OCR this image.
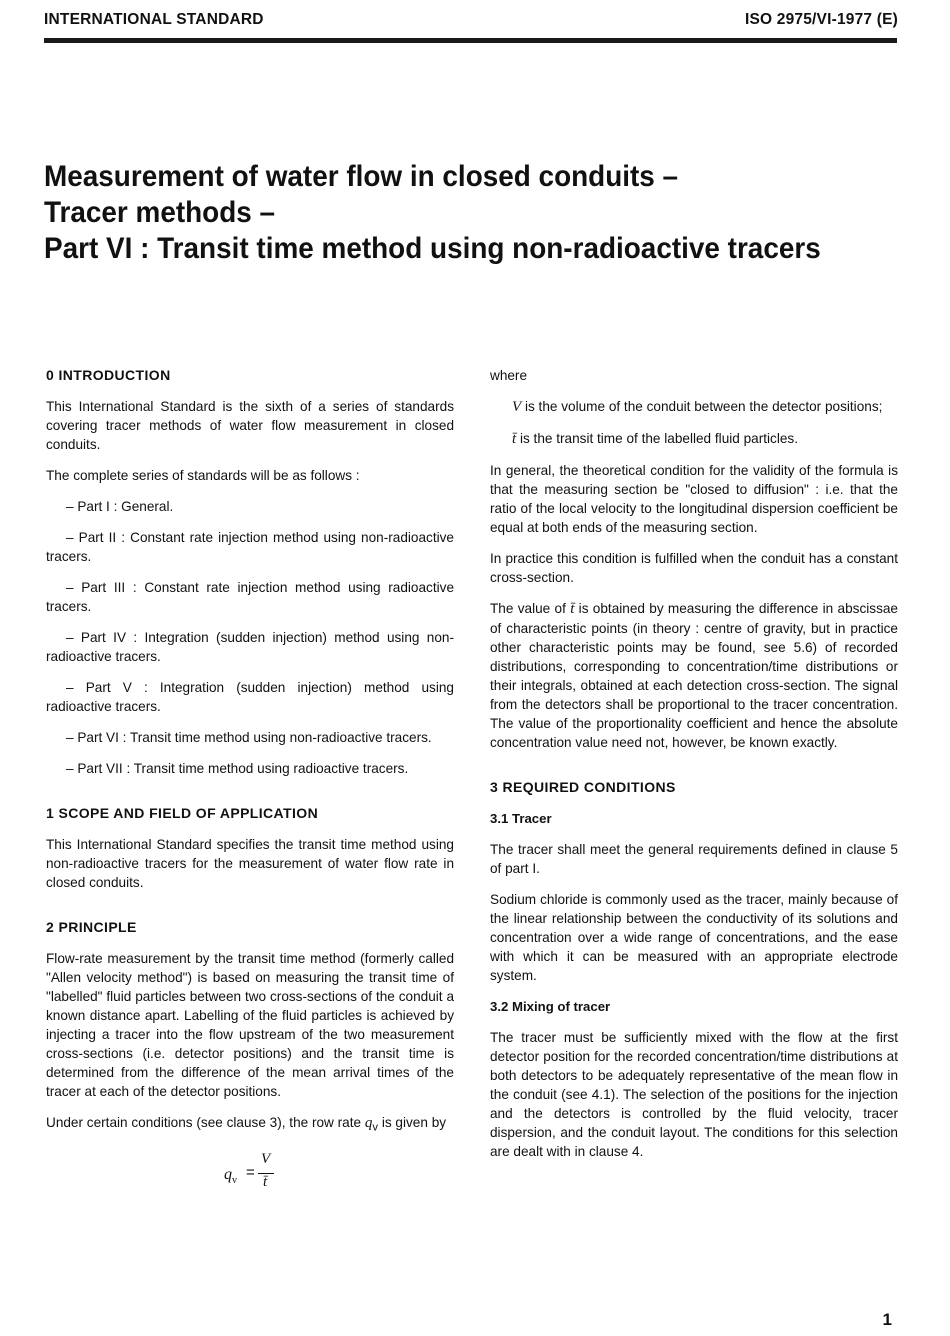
INTERNATIONAL STANDARD	ISO 2975/VI-1977 (E)
Measurement of water flow in closed conduits –
Tracer methods –
Part VI : Transit time method using non-radioactive tracers
0 INTRODUCTION

This International Standard is the sixth of a series of standards covering tracer methods of water flow measurement in closed conduits.

The complete series of standards will be as follows :

– Part I : General.
– Part II : Constant rate injection method using non-radioactive tracers.
– Part III : Constant rate injection method using radioactive tracers.
– Part IV : Integration (sudden injection) method using non-radioactive tracers.
– Part V : Integration (sudden injection) method using radioactive tracers.
– Part VI : Transit time method using non-radioactive tracers.
– Part VII : Transit time method using radioactive tracers.
1 SCOPE AND FIELD OF APPLICATION

This International Standard specifies the transit time method using non-radioactive tracers for the measurement of water flow rate in closed conduits.

2 PRINCIPLE

Flow-rate measurement by the transit time method (formerly called "Allen velocity method") is based on measuring the transit time of "labelled" fluid particles between two cross-sections of the conduit a known distance apart. Labelling of the fluid particles is achieved by injecting a tracer into the flow upstream of the two measurement cross-sections (i.e. detector positions) and the transit time is determined from the difference of the mean arrival times of the tracer at each of the detector positions.

Under certain conditions (see clause 3), the row rate $q_v$ is given by

$q_v$ =
V
t̄

where

V is the volume of the conduit between the detector positions;
t̄ is the transit time of the labelled fluid particles.

In general, the theoretical condition for the validity of the formula is that the measuring section be "closed to diffusion" : i.e. that the ratio of the local velocity to the longitudinal dispersion coefficient be equal at both ends of the measuring section.

In practice this condition is fulfilled when the conduit has a constant cross-section.

The value of t̄ is obtained by measuring the difference in abscissae of characteristic points (in theory : centre of gravity, but in practice other characteristic points may be found, see 5.6) of recorded distributions, corresponding to concentration/time distributions or their integrals, obtained at each detection cross-section. The signal from the detectors shall be proportional to the tracer concentration. The value of the proportionality coefficient and hence the absolute concentration value need not, however, be known exactly.

3 REQUIRED CONDITIONS
3.1 Tracer

The tracer shall meet the general requirements defined in clause 5 of part I.

Sodium chloride is commonly used as the tracer, mainly because of the linear relationship between the conductivity of its solutions and concentration over a wide range of concentrations, and the ease with which it can be measured with an appropriate electrode system.

3.2 Mixing of tracer

The tracer must be sufficiently mixed with the flow at the first detector position for the recorded concentration/time distributions at both detectors to be adequately representative of the mean flow in the conduit (see 4.1). The selection of the positions for the injection and the detectors is controlled by the fluid velocity, tracer dispersion, and the conduit layout. The conditions for this selection are dealt with in clause 4.

1
